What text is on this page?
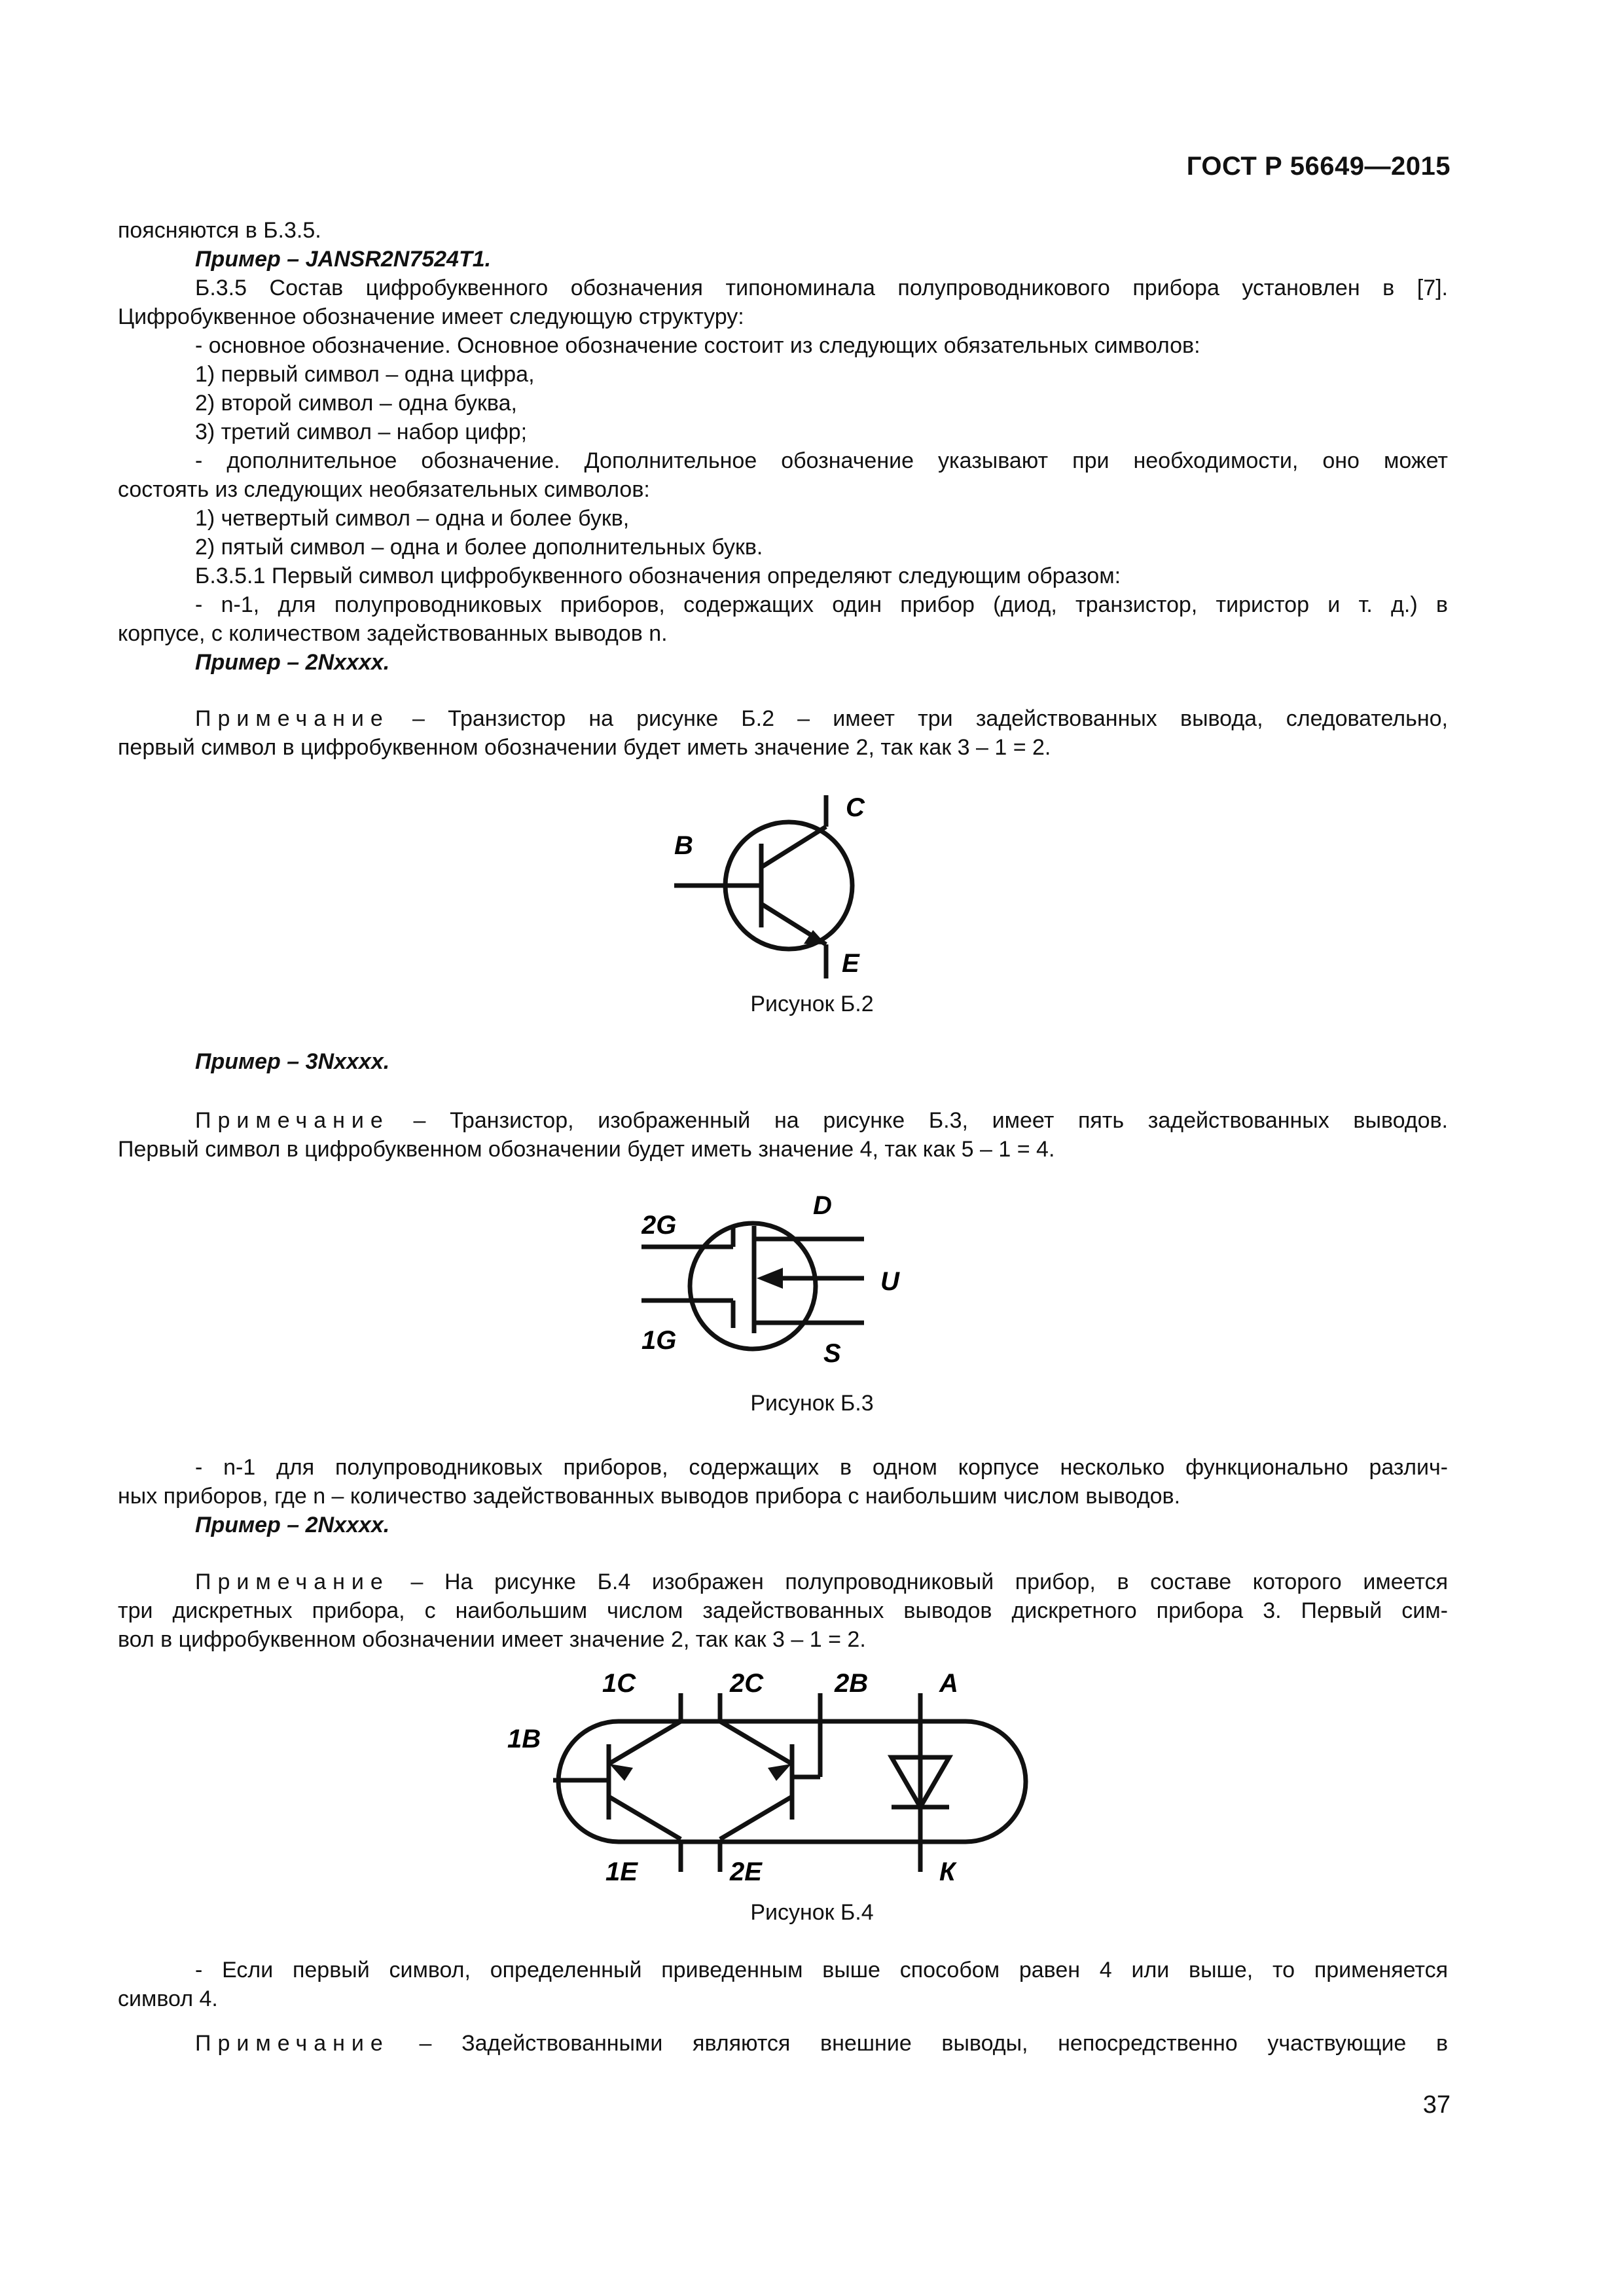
ГОСТ Р 56649—2015
поясняются в Б.3.5.
Пример – JANSR2N7524T1.
Б.3.5 Состав цифробуквенного обозначения типономинала полупроводникового прибора установлен в [7].
Цифробуквенное обозначение имеет следующую структуру:
- основное обозначение. Основное обозначение состоит из следующих обязательных символов:
1) первый символ – одна цифра,
2) второй символ – одна буква,
3) третий символ – набор цифр;
- дополнительное обозначение. Дополнительное обозначение указывают при необходимости, оно может
состоять из следующих необязательных символов:
1) четвертый символ – одна и более букв,
2) пятый символ – одна и более дополнительных букв.
Б.3.5.1 Первый символ цифробуквенного обозначения определяют следующим образом:
- n-1, для полупроводниковых приборов, содержащих один прибор (диод, транзистор, тиристор и т. д.) в
корпусе, с количеством задействованных выводов n.
Пример – 2Nxxxx.
Примечание – Транзистор на рисунке Б.2 – имеет три задействованных вывода, следовательно,
первый символ в цифробуквенном обозначении будет иметь значение 2, так как 3 – 1 = 2.
C
B
E
Рисунок Б.2
Пример – 3Nxxxx.
Примечание – Транзистор, изображенный на рисунке Б.3, имеет пять задействованных выводов.
Первый символ в цифробуквенном обозначении будет иметь значение 4, так как 5 – 1 = 4.
D
2G
U
1G	S
Рисунок Б.3
- n-1 для полупроводниковых приборов, содержащих в одном корпусе несколько функционально различ-
ных приборов, где n – количество задействованных выводов прибора с наибольшим числом выводов.
Пример – 2Nxxxx.
Примечание – На рисунке Б.4 изображен полупроводниковый прибор, в составе которого имеется
три дискретных прибора, с наибольшим числом задействованных выводов дискретного прибора 3. Первый сим-
вол в цифробуквенном обозначении имеет значение 2, так как 3 – 1 = 2.
1C	2C	2B	A
1B
1E	2E	К
Рисунок Б.4
- Если первый символ, определенный приведенным выше способом равен 4 или выше, то применяется
символ 4.
Примечание – Задействованными являются внешние выводы, непосредственно участвующие в
37
